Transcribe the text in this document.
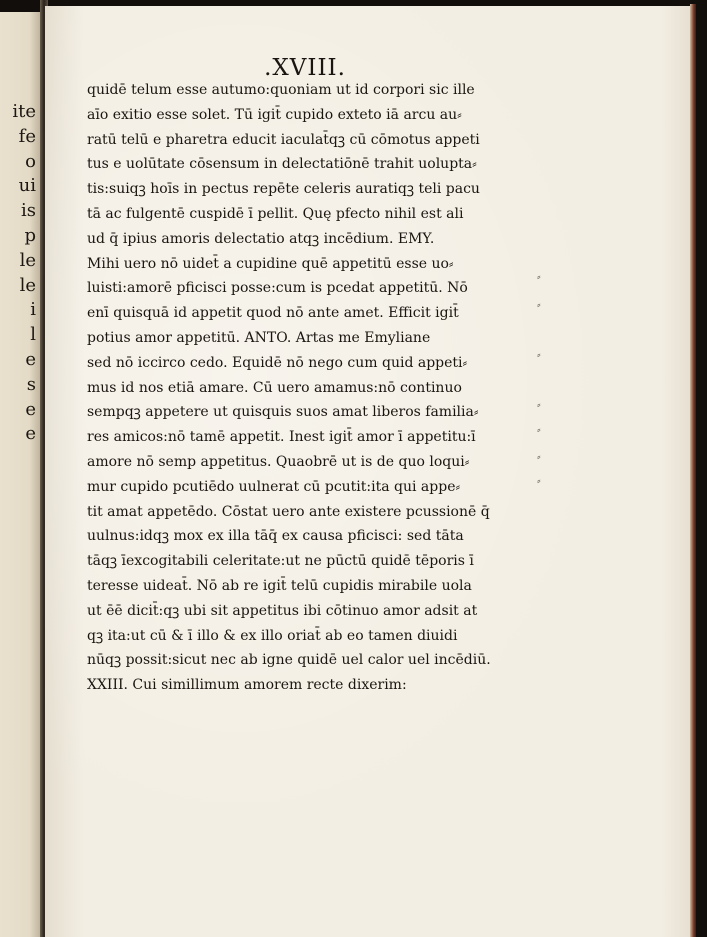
ite
fe
o
ui
is
p
le
le
i
l
e
s
e
e
.XVIII.
quidē telum esse autumo:quoniam ut id corpori sic ille
aīo exitio esse solet. Tū igit̄ cupido exteto iā arcu au⸗
ratū telū e pharetra educit iaculat̄qꝫ cū cōmotus appeti
tus e uolūtate cōsensum in delectatiōnē trahit uolupta⸗
tis:suiqꝫ hoīs in pectus repēte celeris auratiqꝫ teli pacu
tā ac fulgentē cuspidē ī pellit. Quę pfecto nihil est ali
ud q̄ ipius amoris delectatio atqꝫ incēdium. EMY.
Mihi uero nō uidet̄ a cupidine quē appetitū esse uo⸗
luisti:amorē pficisci posse:cum is pcedat appetitū. Nō
enī quisquā id appetit quod nō ante amet. Efficit igit̄
potius amor appetitū. ANTO. Artas me Emyliane
sed nō iccirco cedo. Equidē nō nego cum quid appeti⸗
mus id nos etiā amare. Cū uero amamus:nō continuo
sempqꝫ appetere ut quisquis suos amat liberos familia⸗
res amicos:nō tamē appetit. Inest igit̄ amor ī appetitu:ī
amore nō semp appetitus. Quaobrē ut is de quo loqui⸗
mur cupido pcutiēdo uulnerat cū pcutit:ita qui appe⸗
tit amat appetēdo. Cōstat uero ante existere pcussionē q̄
uulnus:idqꝫ mox ex illa tāq̄ ex causa pficisci: sed tāta
tāqꝫ īexcogitabili celeritate:ut ne pūctū quidē tēporis ī
teresse uideat̄. Nō ab re igit̄ telū cupidis mirabile uola
ut ēē dicit̄:qꝫ ubi sit appetitus ibi cōtinuo amor adsit at
qꝫ ita:ut cū & ī illo & ex illo oriat̄ ab eo tamen diuidi
nūqꝫ possit:sicut nec ab igne quidē uel calor uel incēdiū.
XXIII. Cui simillimum amorem recte dixerim:
⸗
⸗
⸗
⸗
⸗
⸗
⸗
